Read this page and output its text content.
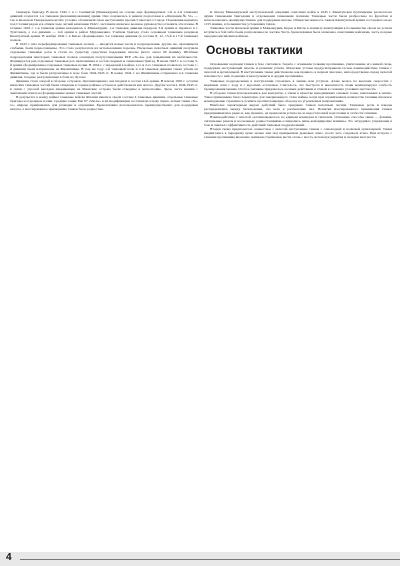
танковую бригаду. В июле 1942 г. в г. Сыпингай (Маньчжурия) на основе еще формируемых 1-й и 2-й танковых дивизий создается 1-я танковая (механизированная) армия. Она создавалась в рамках подготовки к «Операции № 51» — так в японском Генеральном штабе условно обозначили план наступления против Советского Союза. Поражения вермахта под Сталинградом и в общем ходе летней кампании 1942 г. заставили японское военное руководство отложить эти планы. В течение 1943 г. 1-я танковая армия находилась в Маньчжурии. 1-я танковая дивизия передала 3-й армии и перешла в г. Тунгэчжоу, а 2-я дивизия — 4-й армии в район Муданьцзяна. Учебная бригада стала основным танковым резервом Квантунской армии. В ноябре 1942 г. в Китае сформирована 3-я танковая дивизия (в составе 8, 12, 13-й и 17-й танковых полков.

В 1943 г. шло переформирование танковых полков — вводятся новые части и подразделения, другие же, оказавшиеся слабыми, были переоснащены. Это стало результатом их использования порознь. Несколько пехотных дивизий получили отдельные танковые роты и стали по существу средством поддержки пехоты (всего около 60 машин). Штабные подразделения некоторых танковых полков оснащали полугусеничными БТР «Хо-ха» для повышения их мобильности. Формируется ряд отдельных танковых рот, включенных в состав сводных и смешанных бригад. В июне 1943 г. в составе 3-й армии сформированы отдельные танковые полки. В 1944 г. с передачей в войска 1-го и 2-го танковых полков из состава 1-й дивизии были направлены на Филиппины. В том же году 1-й танковый полк и 2-й танковая дивизия также убыли на Филиппины, где и были разгромлены в ходе боев 1944-1945 гг. В конце 1944 г. на Филиппины отправлена 2-я танковая дивизия, позднее разгромленная в боях на Лусоне.

Дивизия стала опорой в обороне островов. Организационно она входила в состав 14-й армии. В начале 1945 г. остатки японских танковых частей были отведены в горные районы острова и действовали как пехота. Другие части в 1944-1945 гг. в связи с угрозой высадки американцев на Японские острова были отведены в метрополию. Здесь часть машин с экипажами пошла на формирование новых танковых частей.

В результате к концу войны танковые войска Японии имели в своем составе 4 танковые дивизии, отдельные танковые бригады и отдельные полки. Средние танки Тип 97 «Чи-ха» и их модификации составляли основу парка; легкие танки «Ха-го» широко применялись для разведки и охранения. Бронетехника использовалась преимущественно для поддержки пехоты, а массированное применение танков было редкостью.

К началу Маньчжурской наступательной операции советских войск в 1945 г. Квантунская группировка располагала двумя танковыми бригадами и отдельными танковыми полками. Танковые части были разбросаны по фронтам и использовались преимущественно для поддержки пехоты. Общая численность танков Квантунской армии составляла около 1155 машин, в большинстве устаревших типов.

Танковые части японской армии в Маньчжурии, Корее и Китае к моменту капитуляции в большинстве своем не успели вступить в бой либо были разгромлены по частям. Часть бронетехники была захвачена советскими войсками, часть позднее передана китайским войскам.

Основы тактики

Основными задачами танков в бою считались: борьба с огневыми точками противника, уничтожение его живой силы, поддержка наступающей пехоты и развитие успеха. Японские уставы предусматривали тесное взаимодействие танков с пехотой и артиллерией. В наступлении танки действовали, как правило, в первом эшелоне, непосредственно перед пехотой или вместе с ней, подавляя огнем пулеметы и орудия противника.

Танковые подразделения в наступлении строились в линию или уступом. Атака велась на высоких скоростях с ведением огня с ходу и с коротких остановок. Считалось, что быстрота и внезапность атаки компенсируют слабость бронирования машин. Особое значение придавалось ночным действиям и атакам в сложных условиях местности.

В обороне танки использовались для контратак, а также в качестве неподвижных огневых точек, закопанных в землю. Такое применение было характерно для завершающего этапа войны, когда при ограниченном количестве техники японское командование стремилось усилить противотанковую оборону на угрожаемых направлениях.

Наиболее характерным видом действий было придание танков пехотным частям. Танковые роты и взводы распределялись между батальонами, что вело к распылению сил. Попытки массированного применения танков предпринимались редко и, как правило, не приносили успеха из-за недостаточной подготовки и слабости техники.

Взаимодействие с пехотой организовывалось по единым командам и сигналам. Основные способы связи — флажки, сигнальные ракеты и посыльные; радиостанциями оснащались лишь командирские машины. Это затрудняло управление в бою и снижало эффективность действий танковых подразделений.

Вторая схема предполагала совместное с пехотой наступление танков с самоходной и полковой артиллерией. Танки выдвигались к переднему краю ночью или под прикрытием дымовых завес, после чего следовала атака. При встрече с танками противника японские экипажи стремились вести огонь с места, используя укрытия и складки местности.

4
